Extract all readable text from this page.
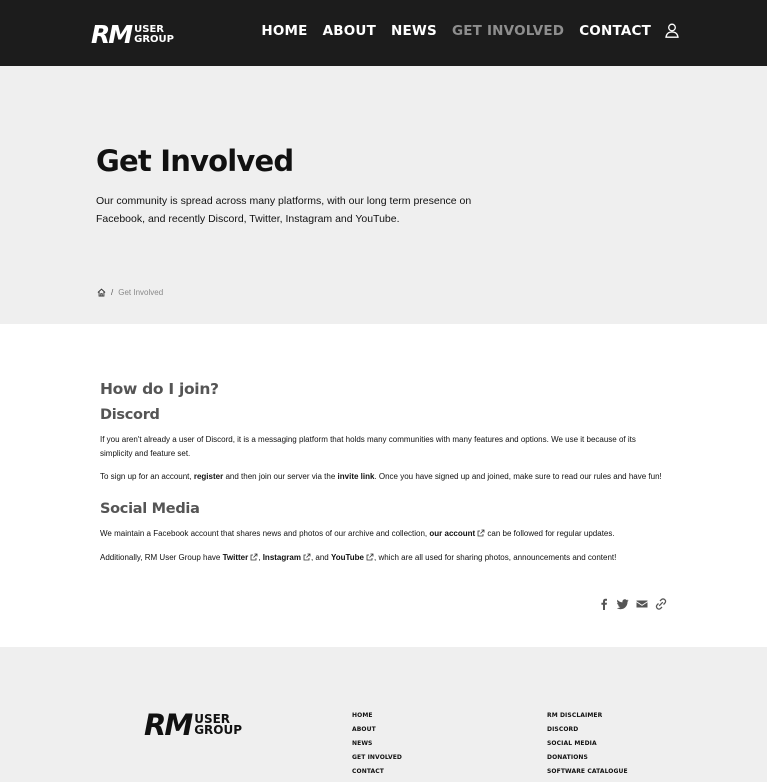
RM USER
GROUP	HOME ABOUT NEWS GET INVOLVED CONTACT
Get Involved

Our community is spread across many platforms, with our long term presence on Facebook, and recently Discord, Twitter, Instagram and YouTube.

/ Get Involved
How do I join?
Discord

If you aren't already a user of Discord, it is a messaging platform that holds many communities with many features and options. We use it because of its simplicity and feature set.

To sign up for an account, register and then join our server via the invite link. Once you have signed up and joined, make sure to read our rules and have fun!

Social Media

We maintain a Facebook account that shares news and photos of our archive and collection, our account can be followed for regular updates.

Additionally, RM User Group have Twitter , Instagram , and YouTube , which are all used for sharing photos, announcements and content!

RM USER
GROUP
HOME
ABOUT
NEWS
GET INVOLVED
CONTACT
RM DISCLAIMER
DISCORD
SOCIAL MEDIA
DONATIONS
SOFTWARE CATALOGUE
